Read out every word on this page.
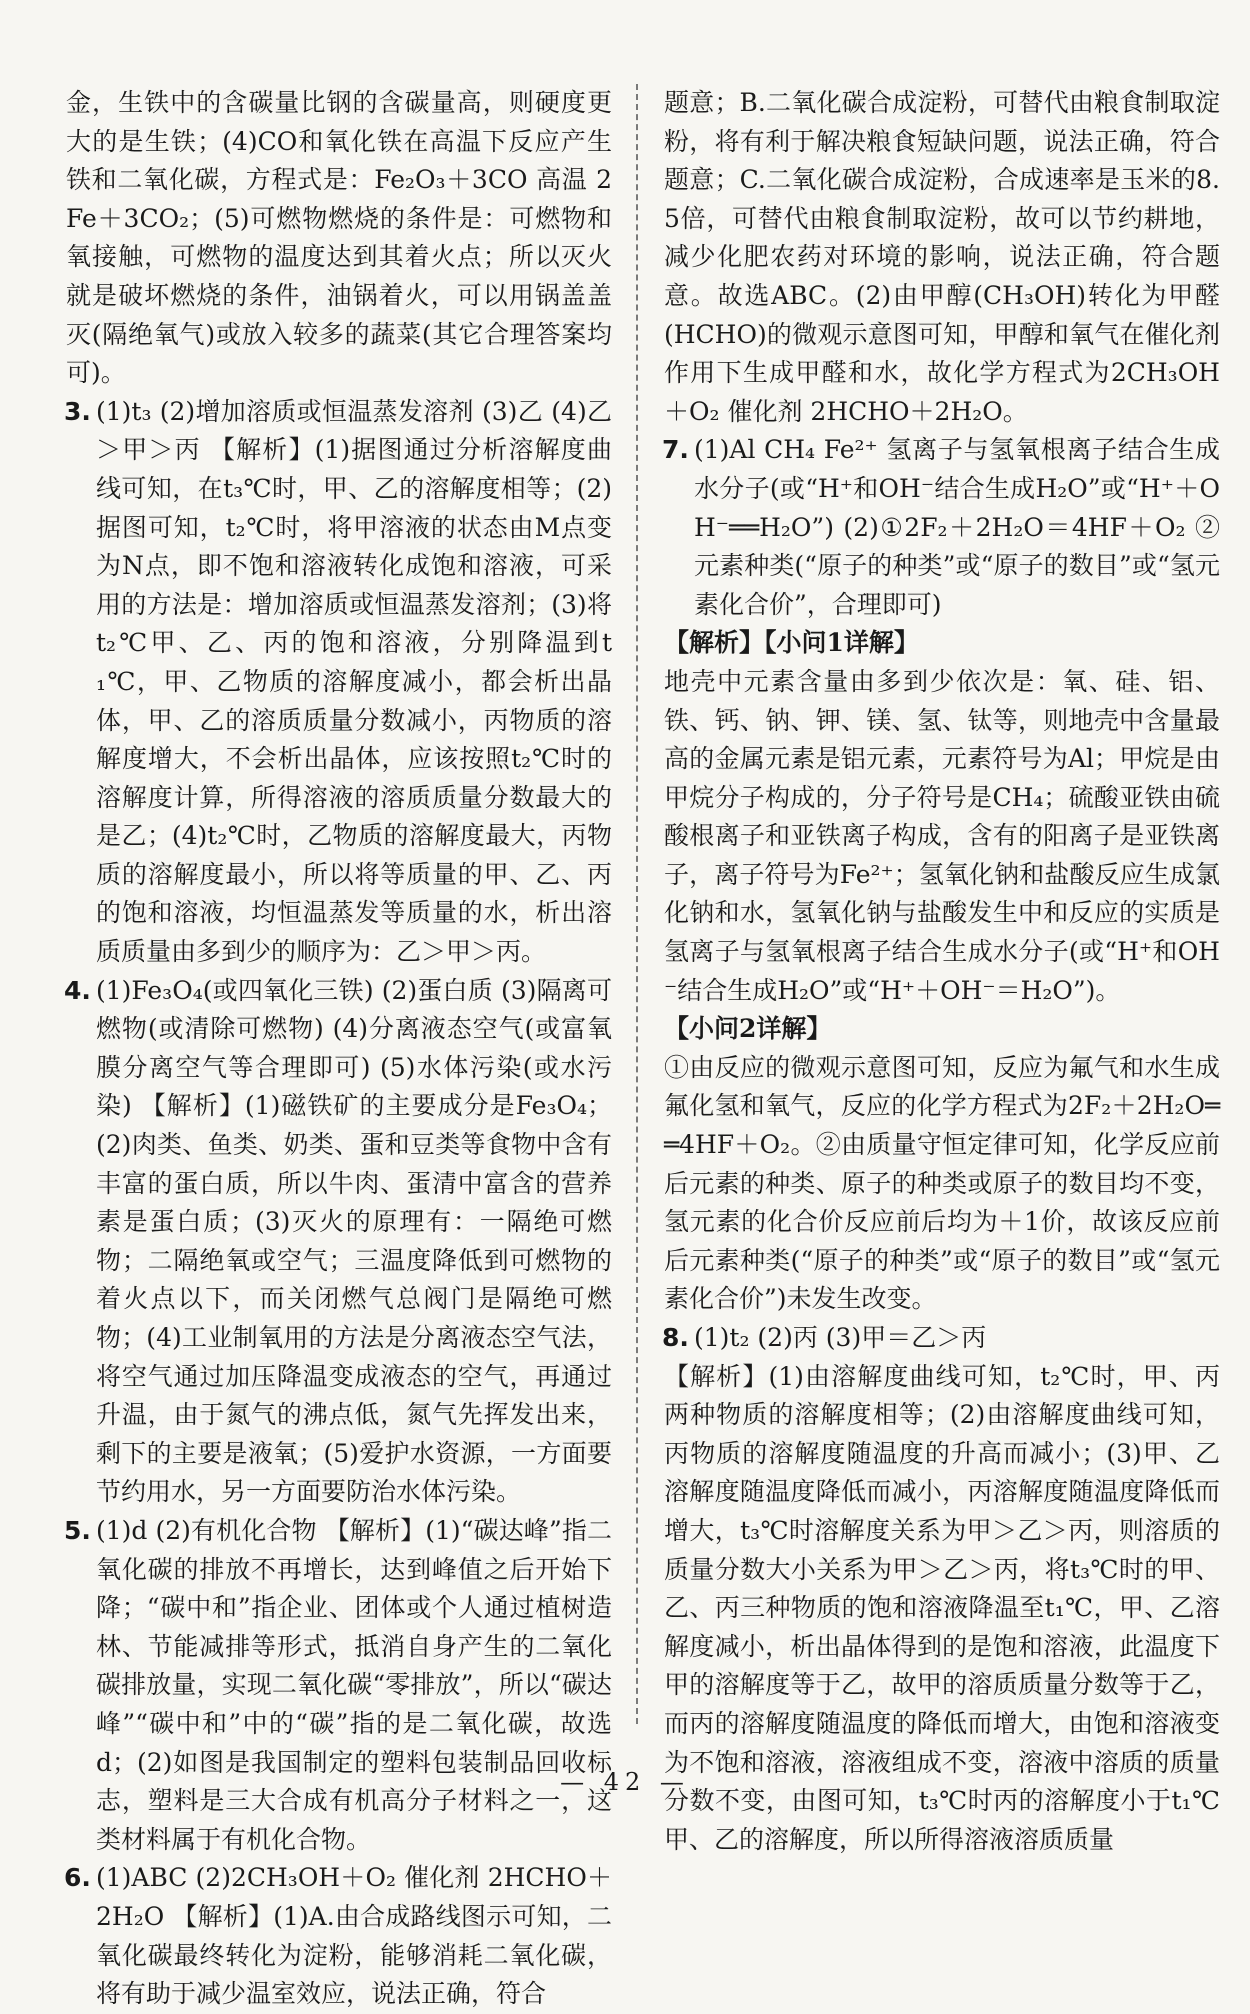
金，生铁中的含碳量比钢的含碳量高，则硬度更大的是生铁；(4)CO和氧化铁在高温下反应产生铁和二氧化碳，方程式是：Fe₂O₃＋3CO 高温 2Fe＋3CO₂；(5)可燃物燃烧的条件是：可燃物和氧接触，可燃物的温度达到其着火点；所以灭火就是破坏燃烧的条件，油锅着火，可以用锅盖盖灭(隔绝氧气)或放入较多的蔬菜(其它合理答案均可)。

3. (1)t₃ (2)增加溶质或恒温蒸发溶剂 (3)乙 (4)乙＞甲＞丙 【解析】(1)据图通过分析溶解度曲线可知，在t₃℃时，甲、乙的溶解度相等；(2)据图可知，t₂℃时，将甲溶液的状态由M点变为N点，即不饱和溶液转化成饱和溶液，可采用的方法是：增加溶质或恒温蒸发溶剂；(3)将t₂℃甲、乙、丙的饱和溶液，分别降温到t₁℃，甲、乙物质的溶解度减小，都会析出晶体，甲、乙的溶质质量分数减小，丙物质的溶解度增大，不会析出晶体，应该按照t₂℃时的溶解度计算，所得溶液的溶质质量分数最大的是乙；(4)t₂℃时，乙物质的溶解度最大，丙物质的溶解度最小，所以将等质量的甲、乙、丙的饱和溶液，均恒温蒸发等质量的水，析出溶质质量由多到少的顺序为：乙＞甲＞丙。

4. (1)Fe₃O₄(或四氧化三铁) (2)蛋白质 (3)隔离可燃物(或清除可燃物) (4)分离液态空气(或富氧膜分离空气等合理即可) (5)水体污染(或水污染) 【解析】(1)磁铁矿的主要成分是Fe₃O₄；(2)肉类、鱼类、奶类、蛋和豆类等食物中含有丰富的蛋白质，所以牛肉、蛋清中富含的营养素是蛋白质；(3)灭火的原理有：一隔绝可燃物；二隔绝氧或空气；三温度降低到可燃物的着火点以下，而关闭燃气总阀门是隔绝可燃物；(4)工业制氧用的方法是分离液态空气法，将空气通过加压降温变成液态的空气，再通过升温，由于氮气的沸点低，氮气先挥发出来，剩下的主要是液氧；(5)爱护水资源，一方面要节约用水，另一方面要防治水体污染。

5. (1)d (2)有机化合物 【解析】(1)“碳达峰”指二氧化碳的排放不再增长，达到峰值之后开始下降；“碳中和”指企业、团体或个人通过植树造林、节能减排等形式，抵消自身产生的二氧化碳排放量，实现二氧化碳“零排放”，所以“碳达峰”“碳中和”中的“碳”指的是二氧化碳，故选d；(2)如图是我国制定的塑料包装制品回收标志，塑料是三大合成有机高分子材料之一，这类材料属于有机化合物。

6. (1)ABC (2)2CH₃OH＋O₂ 催化剂 2HCHO＋2H₂O 【解析】(1)A.由合成路线图示可知，二氧化碳最终转化为淀粉，能够消耗二氧化碳，将有助于减少温室效应，说法正确，符合

题意；B.二氧化碳合成淀粉，可替代由粮食制取淀粉，将有利于解决粮食短缺问题，说法正确，符合题意；C.二氧化碳合成淀粉，合成速率是玉米的8.5倍，可替代由粮食制取淀粉，故可以节约耕地，减少化肥农药对环境的影响，说法正确，符合题意。故选ABC。(2)由甲醇(CH₃OH)转化为甲醛(HCHO)的微观示意图可知，甲醇和氧气在催化剂作用下生成甲醛和水，故化学方程式为2CH₃OH＋O₂ 催化剂 2HCHO＋2H₂O。

7. (1)Al CH₄ Fe²⁺ 氢离子与氢氧根离子结合生成水分子(或“H⁺和OH⁻结合生成H₂O”或“H⁺＋OH⁻══H₂O”) (2)①2F₂＋2H₂O＝4HF＋O₂ ②元素种类(“原子的种类”或“原子的数目”或“氢元素化合价”，合理即可)

【解析】【小问1详解】

地壳中元素含量由多到少依次是：氧、硅、铝、铁、钙、钠、钾、镁、氢、钛等，则地壳中含量最高的金属元素是铝元素，元素符号为Al；甲烷是由甲烷分子构成的，分子符号是CH₄；硫酸亚铁由硫酸根离子和亚铁离子构成，含有的阳离子是亚铁离子，离子符号为Fe²⁺；氢氧化钠和盐酸反应生成氯化钠和水，氢氧化钠与盐酸发生中和反应的实质是氢离子与氢氧根离子结合生成水分子(或“H⁺和OH⁻结合生成H₂O”或“H⁺＋OH⁻＝H₂O”)。

【小问2详解】

①由反应的微观示意图可知，反应为氟气和水生成氟化氢和氧气，反应的化学方程式为2F₂＋2H₂O══4HF＋O₂。②由质量守恒定律可知，化学反应前后元素的种类、原子的种类或原子的数目均不变，氢元素的化合价反应前后均为＋1价，故该反应前后元素种类(“原子的种类”或“原子的数目”或“氢元素化合价”)未发生改变。

8. (1)t₂ (2)丙 (3)甲＝乙＞丙

【解析】(1)由溶解度曲线可知，t₂℃时，甲、丙两种物质的溶解度相等；(2)由溶解度曲线可知，丙物质的溶解度随温度的升高而减小；(3)甲、乙溶解度随温度降低而减小，丙溶解度随温度降低而增大，t₃℃时溶解度关系为甲＞乙＞丙，则溶质的质量分数大小关系为甲＞乙＞丙，将t₃℃时的甲、乙、丙三种物质的饱和溶液降温至t₁℃，甲、乙溶解度减小，析出晶体得到的是饱和溶液，此温度下甲的溶解度等于乙，故甲的溶质质量分数等于乙，而丙的溶解度随温度的降低而增大，由饱和溶液变为不饱和溶液，溶液组成不变，溶液中溶质的质量分数不变，由图可知，t₃℃时丙的溶解度小于t₁℃甲、乙的溶解度，所以所得溶液溶质质量

— 42 —
